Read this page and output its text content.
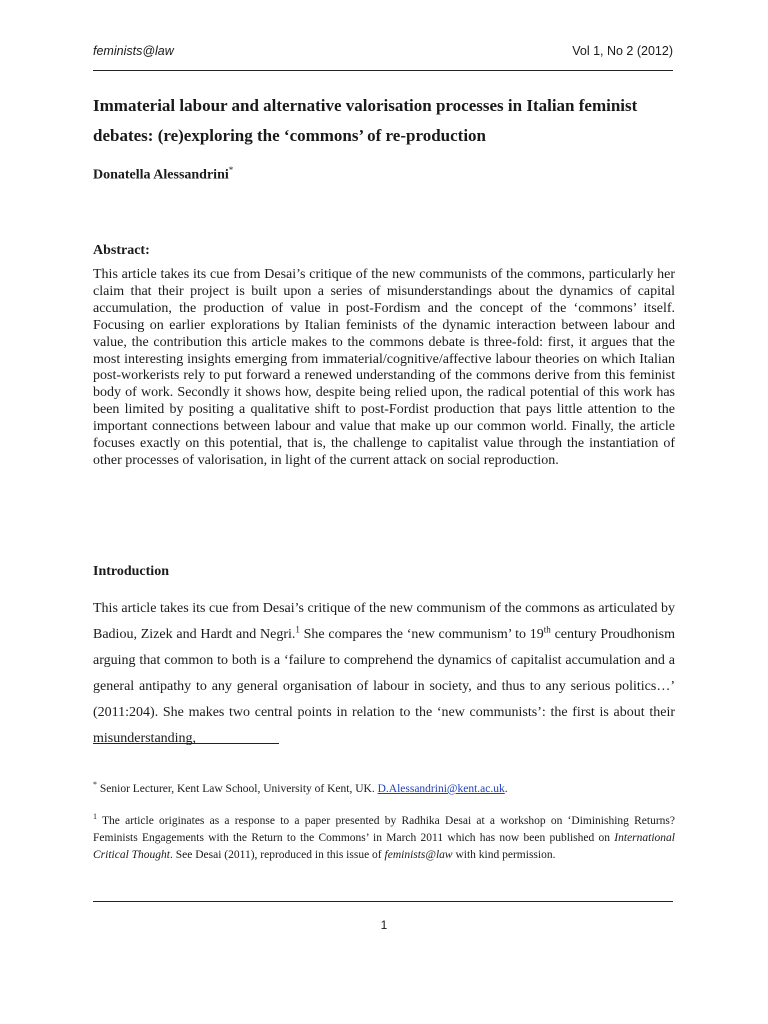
feminists@law	Vol 1, No 2 (2012)
Immaterial labour and alternative valorisation processes in Italian feminist debates: (re)exploring the ‘commons’ of re-production
Donatella Alessandrini*
Abstract:

This article takes its cue from Desai’s critique of the new communists of the commons, particularly her claim that their project is built upon a series of misunderstandings about the dynamics of capital accumulation, the production of value in post-Fordism and the concept of the ‘commons’ itself. Focusing on earlier explorations by Italian feminists of the dynamic interaction between labour and value, the contribution this article makes to the commons debate is three-fold: first, it argues that the most interesting insights emerging from immaterial/cognitive/affective labour theories on which Italian post-workerists rely to put forward a renewed understanding of the commons derive from this feminist body of work. Secondly it shows how, despite being relied upon, the radical potential of this work has been limited by positing a qualitative shift to post-Fordist production that pays little attention to the important connections between labour and value that make up our common world. Finally, the article focuses exactly on this potential, that is, the challenge to capitalist value through the instantiation of other processes of valorisation, in light of the current attack on social reproduction.

Introduction

This article takes its cue from Desai’s critique of the new communism of the commons as articulated by Badiou, Zizek and Hardt and Negri.$^1$ She compares the ‘new communism’ to 19th century Proudhonism arguing that common to both is a ‘failure to comprehend the dynamics of capitalist accumulation and a general antipathy to any general organisation of labour in society, and thus to any serious politics…’ (2011:204). She makes two central points in relation to the ‘new communists’: the first is about their misunderstanding,

* Senior Lecturer, Kent Law School, University of Kent, UK. D.Alessandrini@kent.ac.uk.

$^1$ The article originates as a response to a paper presented by Radhika Desai at a workshop on ‘Diminishing Returns? Feminists Engagements with the Return to the Commons’ in March 2011 which has now been published on International Critical Thought. See Desai (2011), reproduced in this issue of feminists@law with kind permission.

1
